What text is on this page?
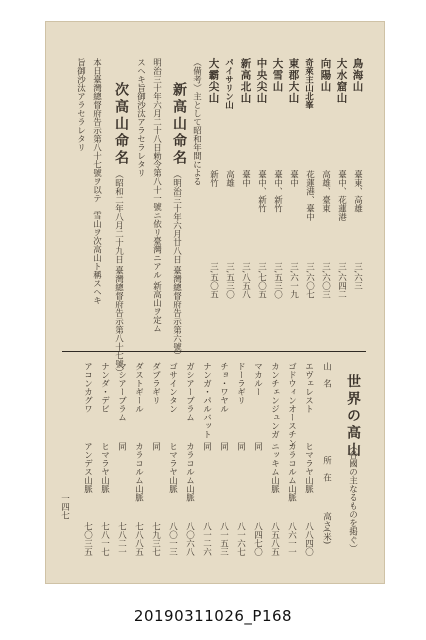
鳥海山
臺東、高雄
三,六三
大水窟山
臺中、花蓮港
三,六四二
向陽山
高雄、臺東
三,六〇三
奇萊主山北峯
花蓮港、臺中
三,六〇七
東郡大山
臺中
三,六一九
大雪山
臺中、新竹
三,五三〇
中央尖山
臺中、新竹
三,七〇五
新高北山
臺中
三,八五八
パイサリン山
高雄
三,五三〇
大霸尖山
新竹
三,五〇五
（備考）主として昭和年間による
新高山命名
（明治三十年六月廿八日 臺灣總督府告示第六號）
明治三十年六月二十八日勅令第八十一號ニ依リ臺灣ニアル 新高山ヲ定ム
スヘキ旨御沙汰アラセラレタリ
次高山命名
（昭和二年八月二十九日 臺灣總督府告示第八十七號）
本日臺灣總督府告示第八十七號ヲ以テ　雪山ヲ次高山ト稱スヘキ
旨御沙汰アラセラレタリ
世界の高山
（各國の主なるものを掲ぐ）
山　名
所　在
高さ(米)
エヴェレスト
ヒマラヤ山脈
八八四〇
ゴドウィンオースチン
カラコルム山脈
八六一一
カンチェンジュンガ
ニッキム山脈
八五八五
マカルー
同
八四七〇
ドーラギリ
同
八一六七
チョ・ワヤル
同
八一五三
ナンガ・パルバット
同
八一二六
ガシアーブラム
カラコルム山脈
八〇六八
ゴサインタン
ヒマラヤ山脈
八〇一三
ダブラギリ
同
七九三七
ダストギール
カラコルム山脈
七八八五
マシアーブラム
同
七八二一
ナンダ・デビ
ヒマラヤ山脈
七八一七
アコンカグワ
アンデス山脈
七〇三五
一四七
20190311026_P168
